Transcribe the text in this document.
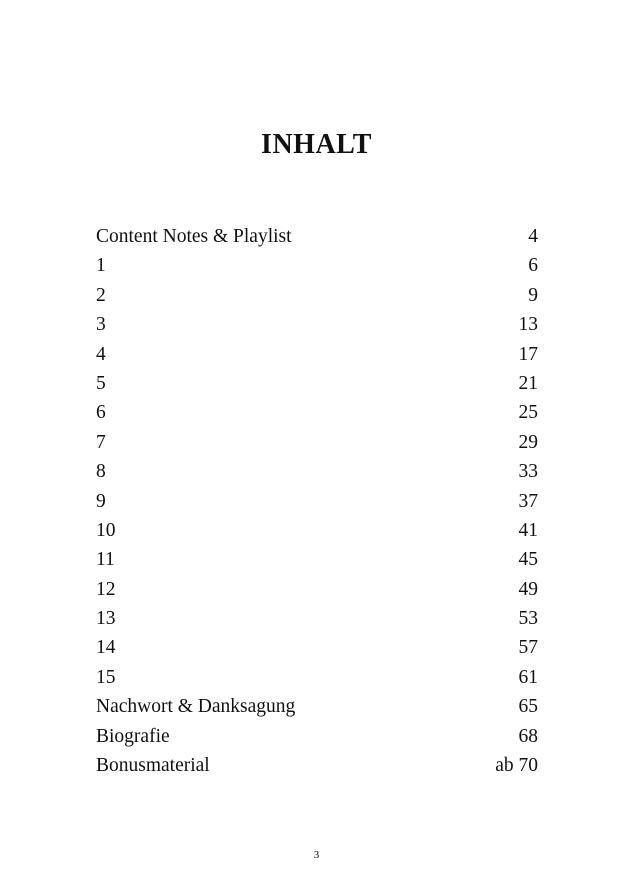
INHALT
Content Notes & Playlist	4
1	6
2	9
3	13
4	17
5	21
6	25
7	29
8	33
9	37
10	41
11	45
12	49
13	53
14	57
15	61
Nachwort & Danksagung	65
Biografie	68
Bonusmaterial	ab 70
3
